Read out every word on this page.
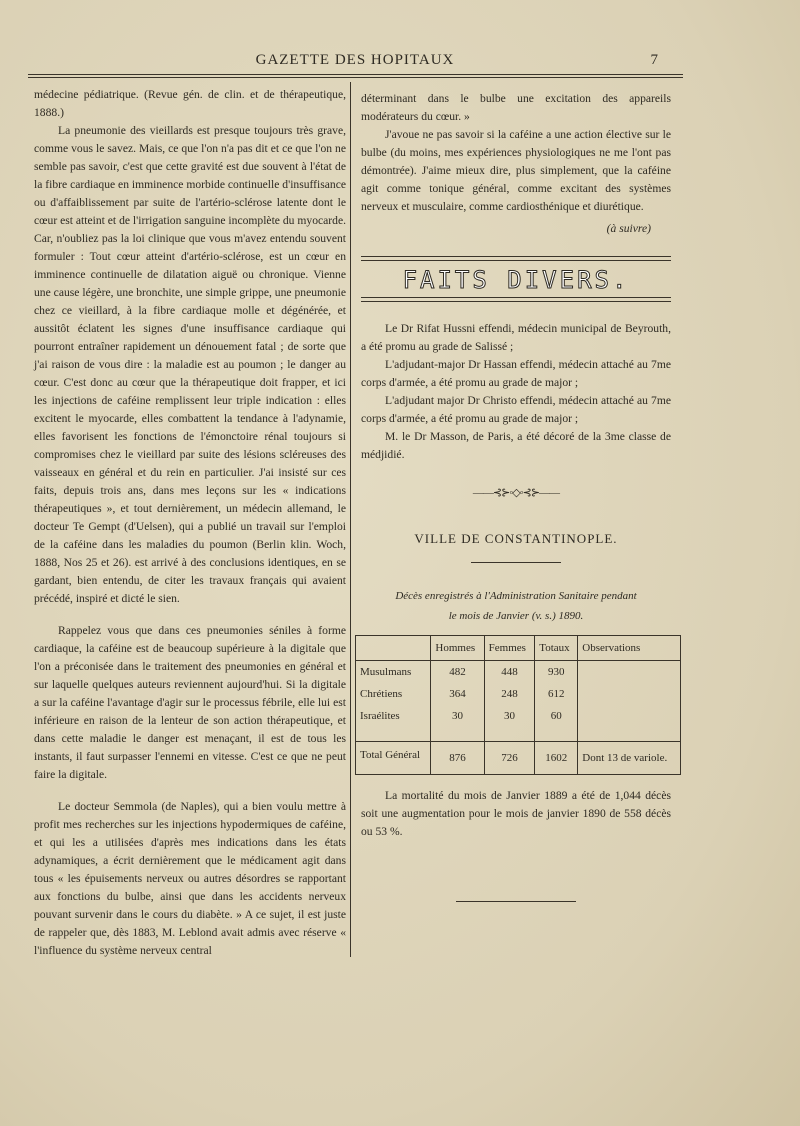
GAZETTE DES HOPITAUX	7

médecine pédiatrique. (Revue gén. de clin. et de thérapeutique, 1888.)

La pneumonie des vieillards est presque toujours très grave, comme vous le savez. Mais, ce que l'on n'a pas dit et ce que l'on ne semble pas savoir, c'est que cette gravité est due souvent à l'état de la fibre cardiaque en imminence morbide continuelle d'insuffisance ou d'affaiblissement par suite de l'artério-sclérose latente dont le cœur est atteint et de l'irrigation sanguine incomplète du myocarde. Car, n'oubliez pas la loi clinique que vous m'avez entendu souvent formuler : Tout cœur atteint d'artério-sclérose, est un cœur en imminence continuelle de dilatation aiguë ou chronique. Vienne une cause légère, une bronchite, une simple grippe, une pneumonie chez ce vieillard, à la fibre cardiaque molle et dégénérée, et aussitôt éclatent les signes d'une insuffisance cardiaque qui pourront entraîner rapidement un dénouement fatal ; de sorte que j'ai raison de vous dire : la maladie est au poumon ; le danger au cœur. C'est donc au cœur que la thérapeutique doit frapper, et ici les injections de caféine remplissent leur triple indication : elles excitent le myocarde, elles combattent la tendance à l'adynamie, elles favorisent les fonctions de l'émonctoire rénal toujours si compromises chez le vieillard par suite des lésions scléreuses des vaisseaux en général et du rein en particulier. J'ai insisté sur ces faits, depuis trois ans, dans mes leçons sur les « indications thérapeutiques », et tout dernièrement, un médecin allemand, le docteur Te Gempt (d'Uelsen), qui a publié un travail sur l'emploi de la caféine dans les maladies du poumon (Berlin klin. Woch, 1888, Nos 25 et 26). est arrivé à des conclusions identiques, en se gardant, bien entendu, de citer les travaux français qui avaient précédé, inspiré et dicté le sien.

Rappelez vous que dans ces pneumonies séniles à forme cardiaque, la caféine est de beaucoup supérieure à la digitale que l'on a préconisée dans le traitement des pneumonies en général et sur laquelle quelques auteurs reviennent aujourd'hui. Si la digitale a sur la caféine l'avantage d'agir sur le processus fébrile, elle lui est inférieure en raison de la lenteur de son action thérapeutique, et dans cette maladie le danger est menaçant, il est de tous les instants, il faut surpasser l'ennemi en vitesse. C'est ce que ne peut faire la digitale.

Le docteur Semmola (de Naples), qui a bien voulu mettre à profit mes recherches sur les injections hypodermiques de caféine, et qui les a utilisées d'après mes indications dans les états adynamiques, a écrit dernièrement que le médicament agit dans tous « les épuisements nerveux ou autres désordres se rapportant aux fonctions du bulbe, ainsi que dans les accidents nerveux pouvant survenir dans le cours du diabète. » A ce sujet, il est juste de rappeler que, dès 1883, M. Leblond avait admis avec réserve « l'influence du système nerveux central

déterminant dans le bulbe une excitation des appareils modérateurs du cœur. »

J'avoue ne pas savoir si la caféine a une action élective sur le bulbe (du moins, mes expériences physiologiques ne me l'ont pas démontrée). J'aime mieux dire, plus simplement, que la caféine agit comme tonique général, comme excitant des systèmes nerveux et musculaire, comme cardiosthénique et diurétique.

(à suivre)
FAITS DIVERS.

Le Dr Rifat Hussni effendi, médecin municipal de Beyrouth, a été promu au grade de Salissé ;

L'adjudant-major Dr Hassan effendi, médecin attaché au 7me corps d'armée, a été promu au grade de major ;

L'adjudant major Dr Christo effendi, médecin attaché au 7me corps d'armée, a été promu au grade de major ;

M. le Dr Masson, de Paris, a été décoré de la 3me classe de médjidié.

——⊰⊱◦◇◦⊰⊱——
VILLE DE CONSTANTINOPLE.
Décès enregistrés à l'Administration Sanitaire pendant
le mois de Janvier (v. s.) 1890.
	Hommes	Femmes	Totaux	Observations
Musulmans	482	448	930	
Chrétiens	364	248	612	
Israélites	30	30	60	
Total Général	876	726	1602	Dont 13 de variole.

La mortalité du mois de Janvier 1889 a été de 1,044 décès soit une augmentation pour le mois de janvier 1890 de 558 décès ou 53 %.
